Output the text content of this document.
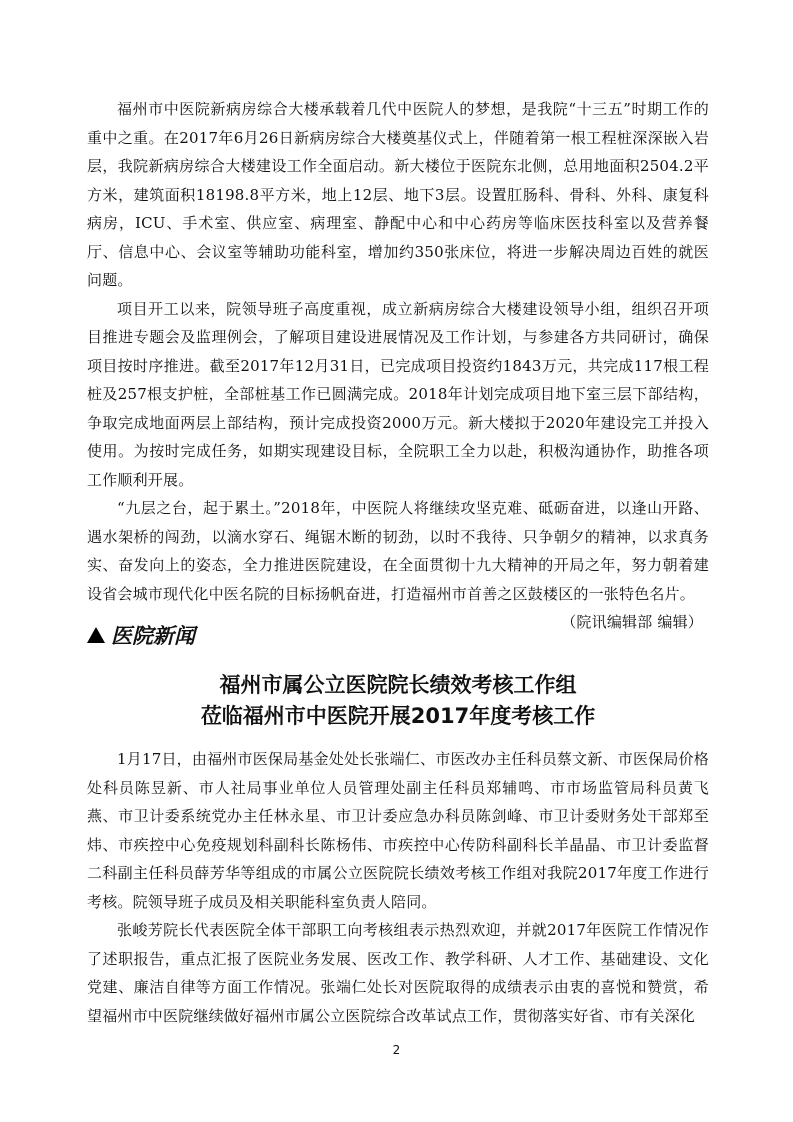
福州市中医院新病房综合大楼承载着几代中医院人的梦想，是我院“十三五”时期工作的重中之重。在2017年6月26日新病房综合大楼奠基仪式上，伴随着第一根工程桩深深嵌入岩层，我院新病房综合大楼建设工作全面启动。新大楼位于医院东北侧，总用地面积2504.2平方米，建筑面积18198.8平方米，地上12层、地下3层。设置肛肠科、骨科、外科、康复科病房，ICU、手术室、供应室、病理室、静配中心和中心药房等临床医技科室以及营养餐厅、信息中心、会议室等辅助功能科室，增加约350张床位，将进一步解决周边百姓的就医问题。

项目开工以来，院领导班子高度重视，成立新病房综合大楼建设领导小组，组织召开项目推进专题会及监理例会，了解项目建设进展情况及工作计划，与参建各方共同研讨，确保项目按时序推进。截至2017年12月31日，已完成项目投资约1843万元，共完成117根工程桩及257根支护桩，全部桩基工作已圆满完成。2018年计划完成项目地下室三层下部结构，争取完成地面两层上部结构，预计完成投资2000万元。新大楼拟于2020年建设完工并投入使用。为按时完成任务，如期实现建设目标，全院职工全力以赴，积极沟通协作，助推各项工作顺利开展。

“九层之台，起于累土。”2018年，中医院人将继续攻坚克难、砥砺奋进，以逢山开路、遇水架桥的闯劲，以滴水穿石、绳锯木断的韧劲，以时不我待、只争朝夕的精神，以求真务实、奋发向上的姿态，全力推进医院建设，在全面贯彻十九大精神的开局之年，努力朝着建设省会城市现代化中医名院的目标扬帆奋进，打造福州市首善之区鼓楼区的一张特色名片。

（院讯编辑部 编辑）

医院新闻
福州市属公立医院院长绩效考核工作组
莅临福州市中医院开展2017年度考核工作

1月17日，由福州市医保局基金处处长张端仁、市医改办主任科员蔡文新、市医保局价格处科员陈昱新、市人社局事业单位人员管理处副主任科员郑辅鸣、市市场监管局科员黄飞燕、市卫计委系统党办主任林永星、市卫计委应急办科员陈剑峰、市卫计委财务处干部郑至炜、市疾控中心免疫规划科副科长陈杨伟、市疾控中心传防科副科长羊晶晶、市卫计委监督二科副主任科员薛芳华等组成的市属公立医院院长绩效考核工作组对我院2017年度工作进行考核。院领导班子成员及相关职能科室负责人陪同。

张峻芳院长代表医院全体干部职工向考核组表示热烈欢迎，并就2017年医院工作情况作了述职报告，重点汇报了医院业务发展、医改工作、教学科研、人才工作、基础建设、文化党建、廉洁自律等方面工作情况。张端仁处长对医院取得的成绩表示由衷的喜悦和赞赏，希望福州市中医院继续做好福州市属公立医院综合改革试点工作，贯彻落实好省、市有关深化

2
